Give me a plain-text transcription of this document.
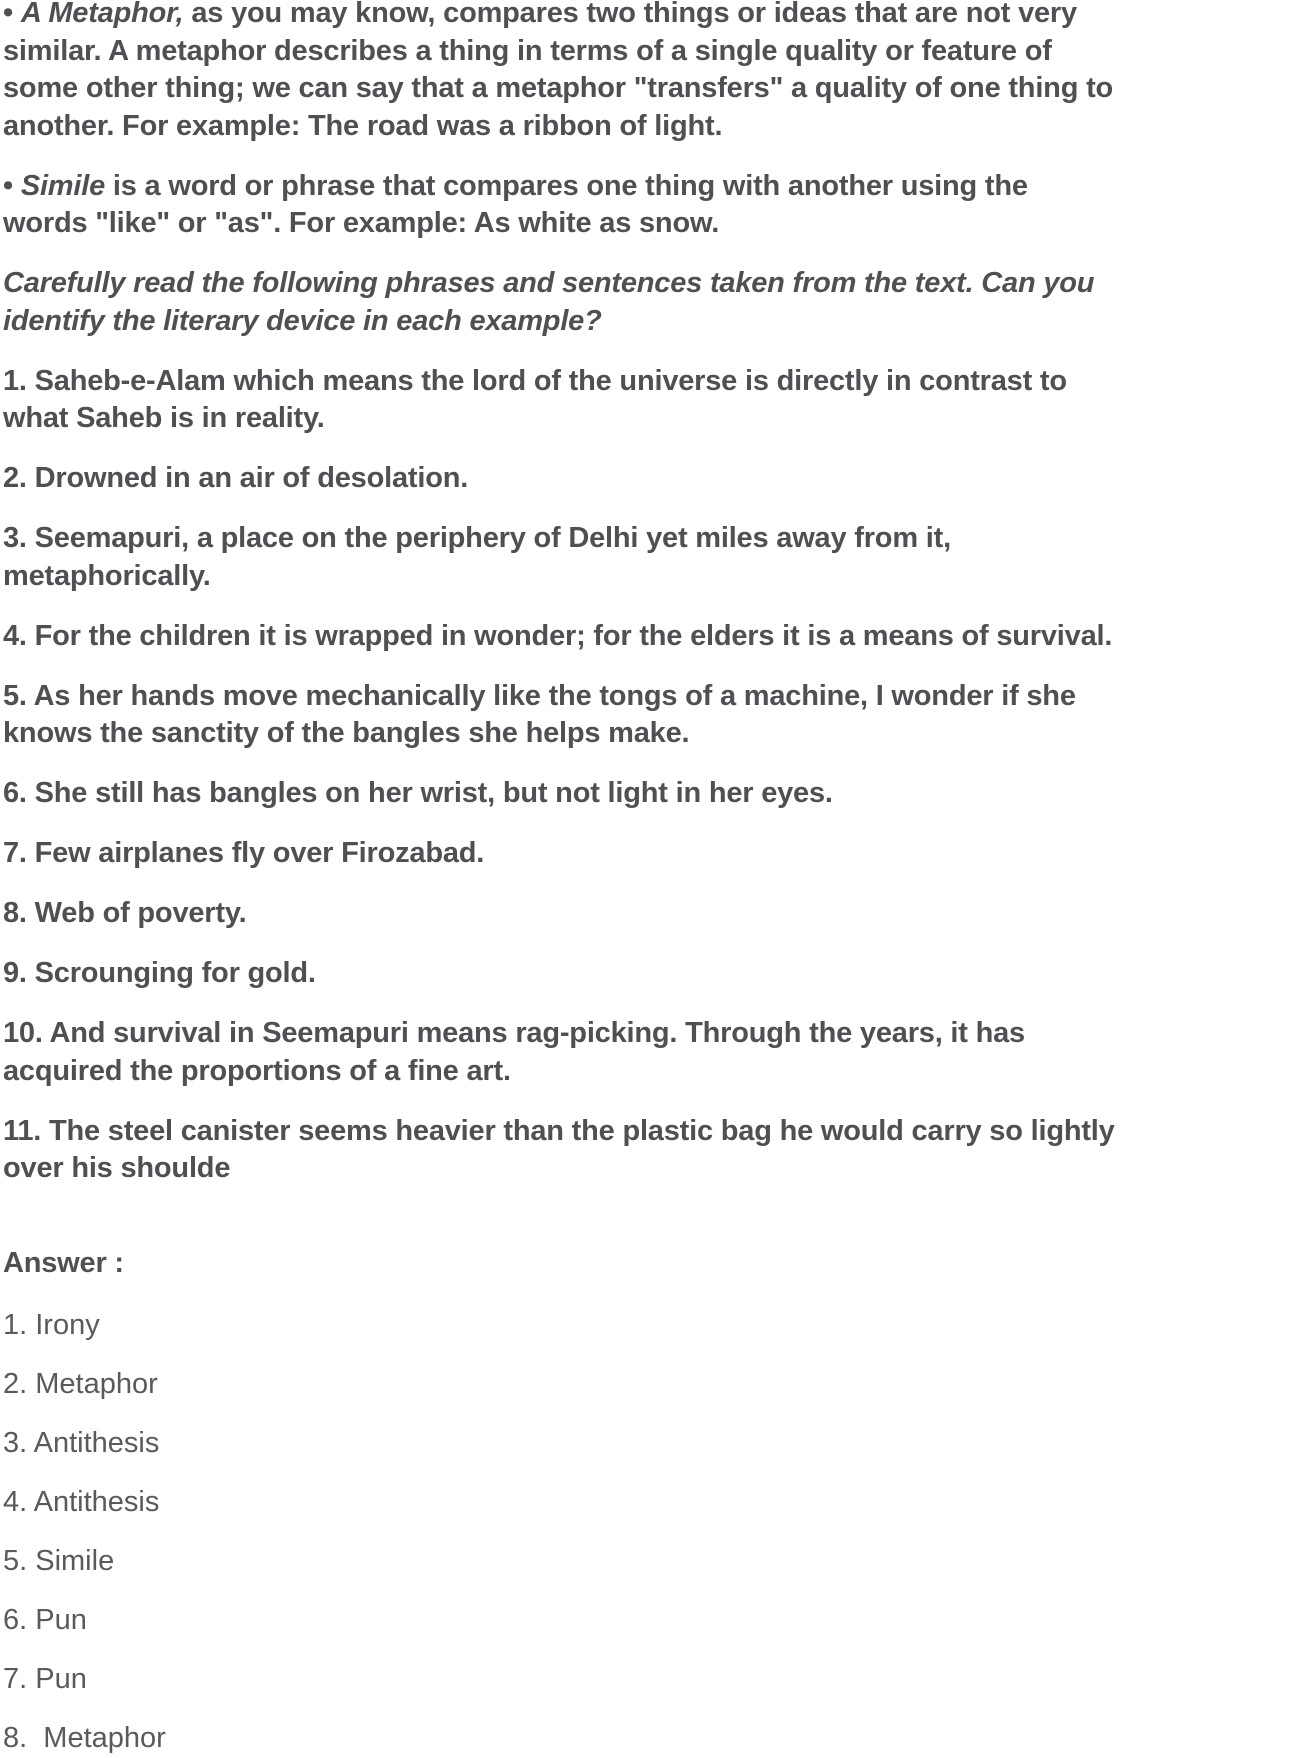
• A Metaphor, as you may know, compares two things or ideas that are not very
similar. A metaphor describes a thing in terms of a single quality or feature of
some other thing; we can say that a metaphor "transfers" a quality of one thing to
another. For example: The road was a ribbon of light.

• Simile is a word or phrase that compares one thing with another using the
words "like" or "as". For example: As white as snow.

Carefully read the following phrases and sentences taken from the text. Can you
identify the literary device in each example?

1. Saheb-e-Alam which means the lord of the universe is directly in contrast to
what Saheb is in reality.

2. Drowned in an air of desolation.

3. Seemapuri, a place on the periphery of Delhi yet miles away from it,
metaphorically.

4. For the children it is wrapped in wonder; for the elders it is a means of survival.

5. As her hands move mechanically like the tongs of a machine, I wonder if she
knows the sanctity of the bangles she helps make.

6. She still has bangles on her wrist, but not light in her eyes.

7. Few airplanes fly over Firozabad.

8. Web of poverty.

9. Scrounging for gold.

10. And survival in Seemapuri means rag-picking. Through the years, it has
acquired the proportions of a fine art.

11. The steel canister seems heavier than the plastic bag he would carry so lightly
over his shoulde

Answer :

1. Irony

2. Metaphor

3. Antithesis

4. Antithesis

5. Simile

6. Pun

7. Pun

8.  Metaphor
